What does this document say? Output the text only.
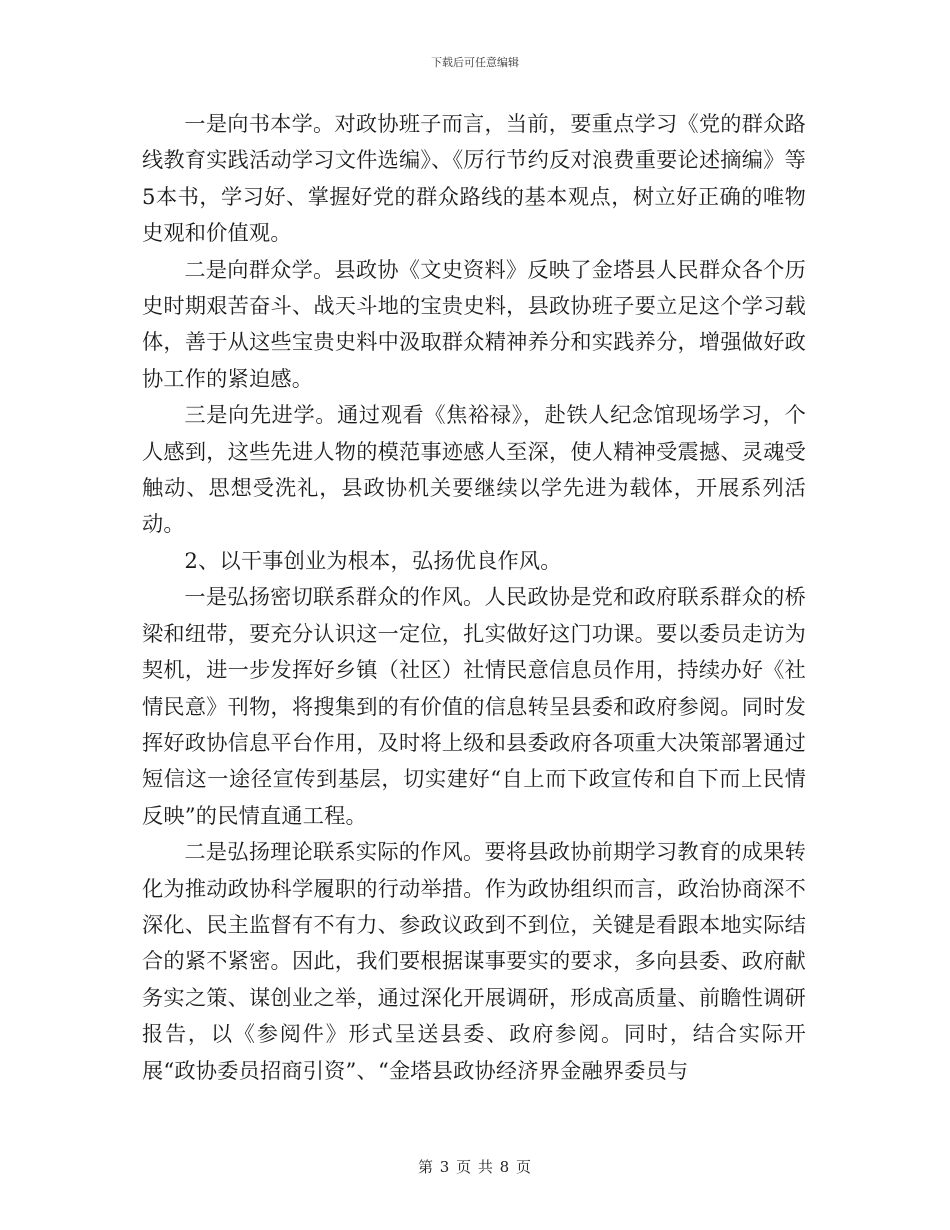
下载后可任意编辑

一是向书本学。对政协班子而言，当前，要重点学习《党的群众路线教育实践活动学习文件选编》、《厉行节约反对浪费重要论述摘编》等5本书，学习好、掌握好党的群众路线的基本观点，树立好正确的唯物史观和价值观。

二是向群众学。县政协《文史资料》反映了金塔县人民群众各个历史时期艰苦奋斗、战天斗地的宝贵史料，县政协班子要立足这个学习载体，善于从这些宝贵史料中汲取群众精神养分和实践养分，增强做好政协工作的紧迫感。

三是向先进学。通过观看《焦裕禄》，赴铁人纪念馆现场学习，个人感到，这些先进人物的模范事迹感人至深，使人精神受震撼、灵魂受触动、思想受洗礼，县政协机关要继续以学先进为载体，开展系列活动。

2、以干事创业为根本，弘扬优良作风。

一是弘扬密切联系群众的作风。人民政协是党和政府联系群众的桥梁和纽带，要充分认识这一定位，扎实做好这门功课。要以委员走访为契机，进一步发挥好乡镇（社区）社情民意信息员作用，持续办好《社情民意》刊物，将搜集到的有价值的信息转呈县委和政府参阅。同时发挥好政协信息平台作用，及时将上级和县委政府各项重大决策部署通过短信这一途径宣传到基层，切实建好“自上而下政宣传和自下而上民情反映”的民情直通工程。

二是弘扬理论联系实际的作风。要将县政协前期学习教育的成果转化为推动政协科学履职的行动举措。作为政协组织而言，政治协商深不深化、民主监督有不有力、参政议政到不到位，关键是看跟本地实际结合的紧不紧密。因此，我们要根据谋事要实的要求，多向县委、政府献务实之策、谋创业之举，通过深化开展调研，形成高质量、前瞻性调研报告，以《参阅件》形式呈送县委、政府参阅。同时，结合实际开展“政协委员招商引资”、“金塔县政协经济界金融界委员与

第 3 页 共 8 页
